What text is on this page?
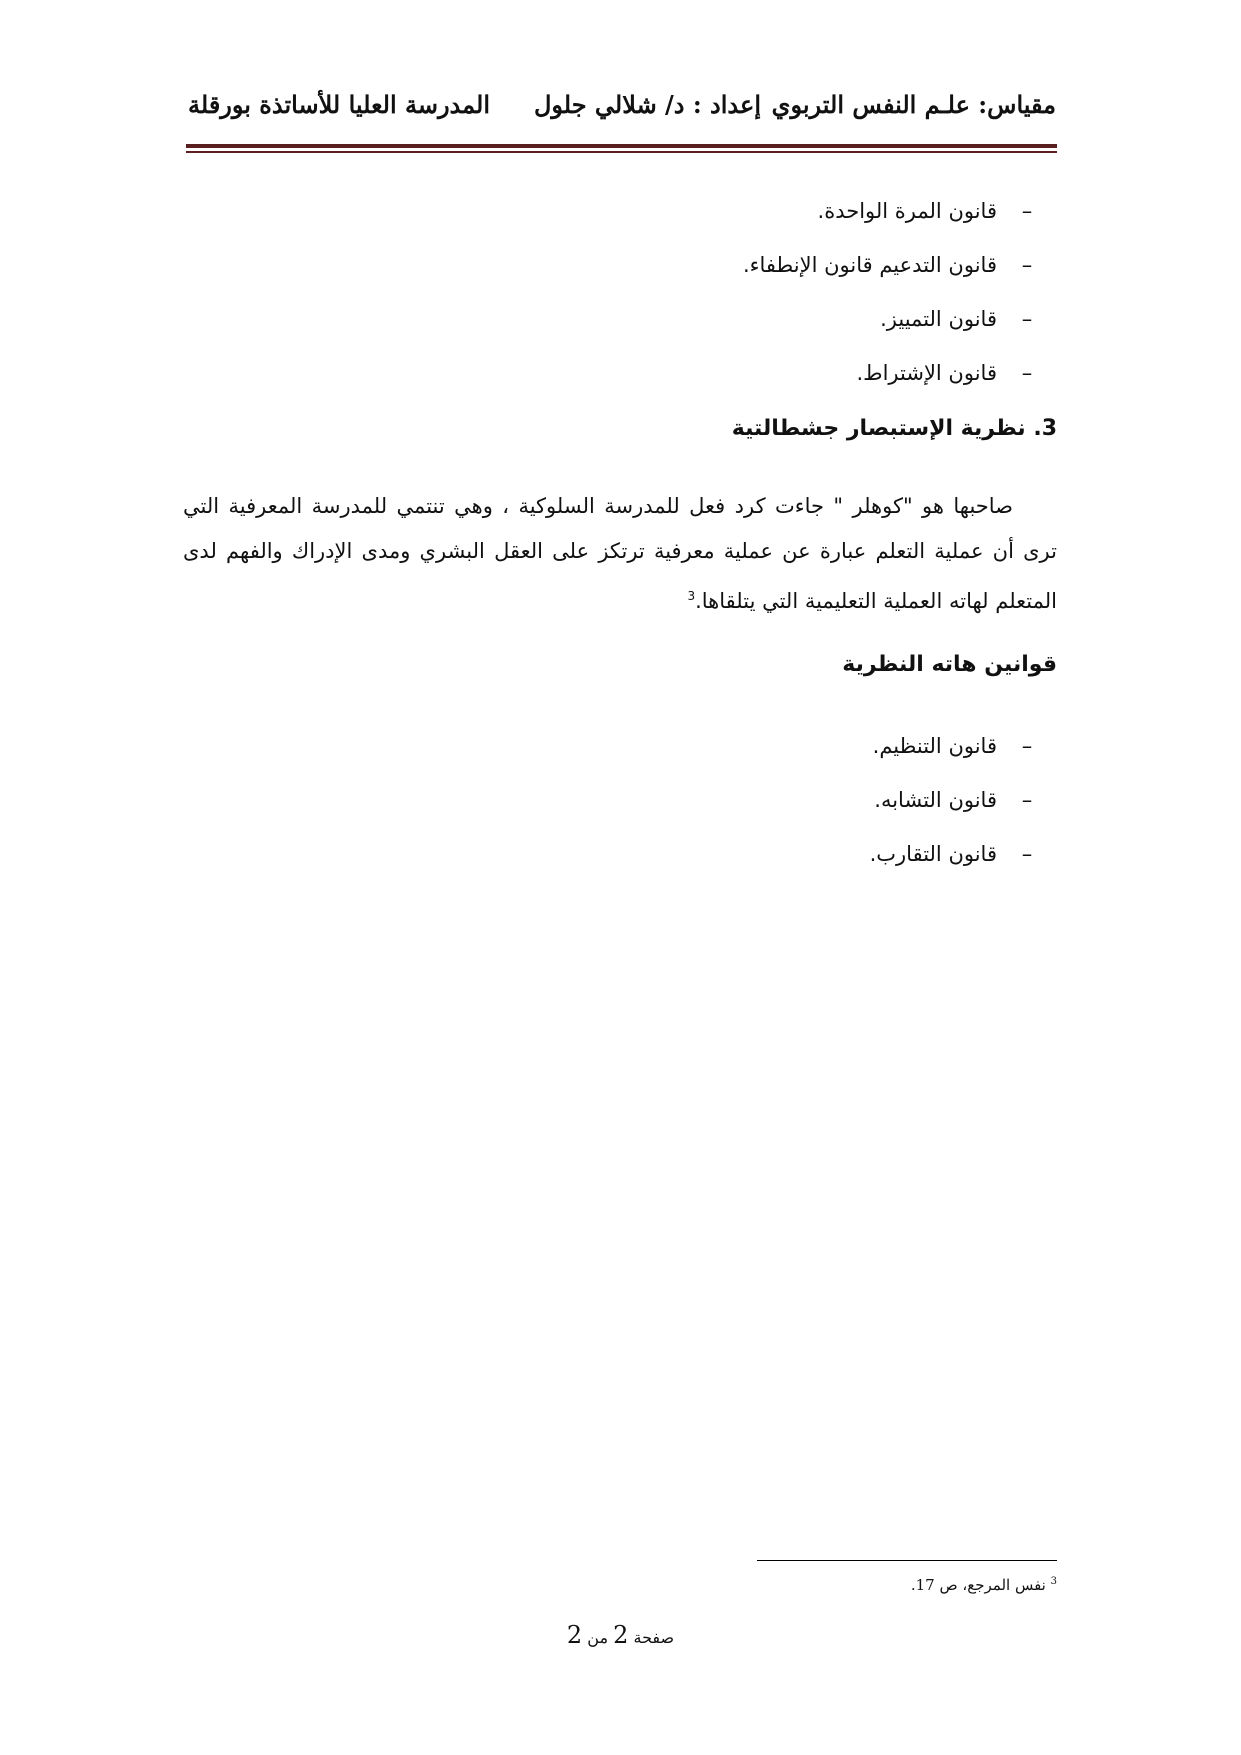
مقياس: علـم النفس التربوي
إعداد : د/ شلالي جلول
المدرسة العليا للأساتذة بورقلة
–
قانون المرة الواحدة.
–
قانون التدعيم قانون الإنطفاء.
–
قانون التمييز.
–
قانون الإشتراط.
3. نظرية الإستبصار جشطالتية

صاحبها هو "كوهلر " جاءت كرد فعل للمدرسة السلوكية ، وهي تنتمي للمدرسة المعرفية التي ترى أن عملية التعلم عبارة عن عملية معرفية ترتكز على العقل البشري ومدى الإدراك والفهم لدى المتعلم لهاته العملية التعليمية التي يتلقاها.$^3$

قوانين هاته النظرية
–
قانون التنظيم.
–
قانون التشابه.
–
قانون التقارب.
$^3$ نفس المرجع، ص 17.
صفحة 2 من 2
